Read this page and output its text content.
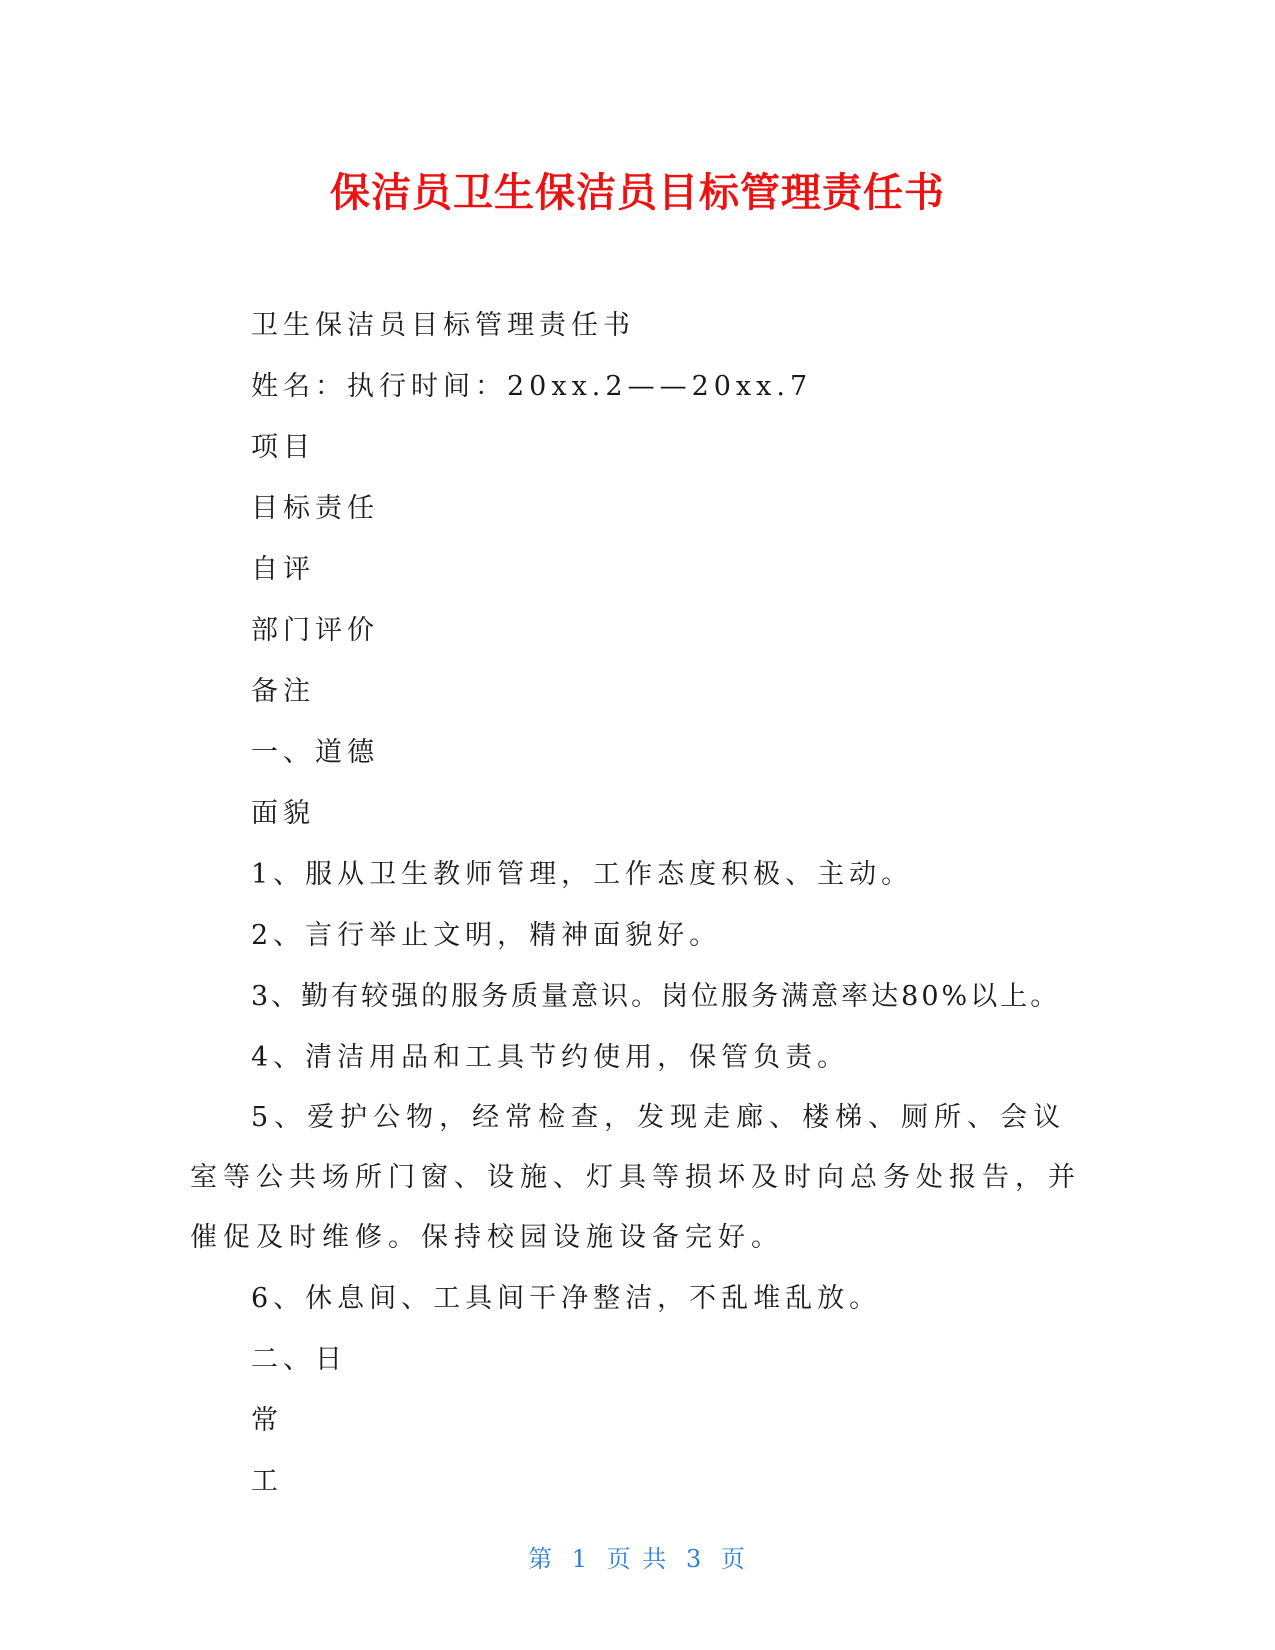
保洁员卫生保洁员目标管理责任书

卫生保洁员目标管理责任书

姓名：执行时间：20xx.2——20xx.7

项目

目标责任

自评

部门评价

备注

一、道德

面貌

1、服从卫生教师管理，工作态度积极、主动。

2、言行举止文明，精神面貌好。

3、勤有较强的服务质量意识。岗位服务满意率达80%以上。

4、清洁用品和工具节约使用，保管负责。

5、爱护公物，经常检查，发现走廊、楼梯、厕所、会议室等公共场所门窗、设施、灯具等损坏及时向总务处报告，并催促及时维修。保持校园设施设备完好。

6、休息间、工具间干净整洁，不乱堆乱放。

二、日

常

工

第 1 页 共 3 页
